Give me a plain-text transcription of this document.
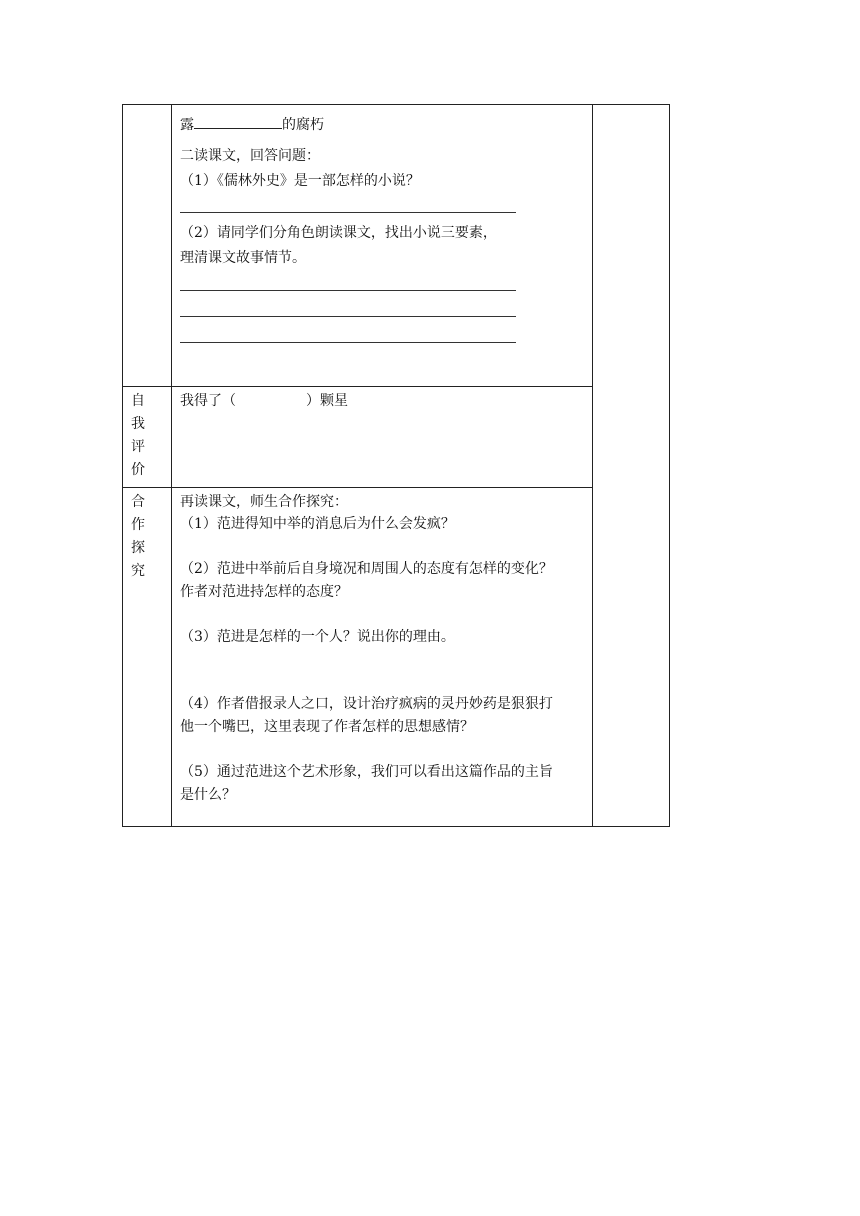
露	的腐朽
二读课文，回答问题：
（1）《儒林外史》是一部怎样的小说？
（2）请同学们分角色朗读课文，找出小说三要素，
理清课文故事情节。
自
我
评
价
我得了（	）颗星
合
作
探
究
再读课文，师生合作探究：
（1）范进得知中举的消息后为什么会发疯？
（2）范进中举前后自身境况和周围人的态度有怎样的变化？
作者对范进持怎样的态度？
（3）范进是怎样的一个人？说出你的理由。
（4）作者借报录人之口，设计治疗疯病的灵丹妙药是狠狠打
他一个嘴巴，这里表现了作者怎样的思想感情？
（5）通过范进这个艺术形象，我们可以看出这篇作品的主旨
是什么？
